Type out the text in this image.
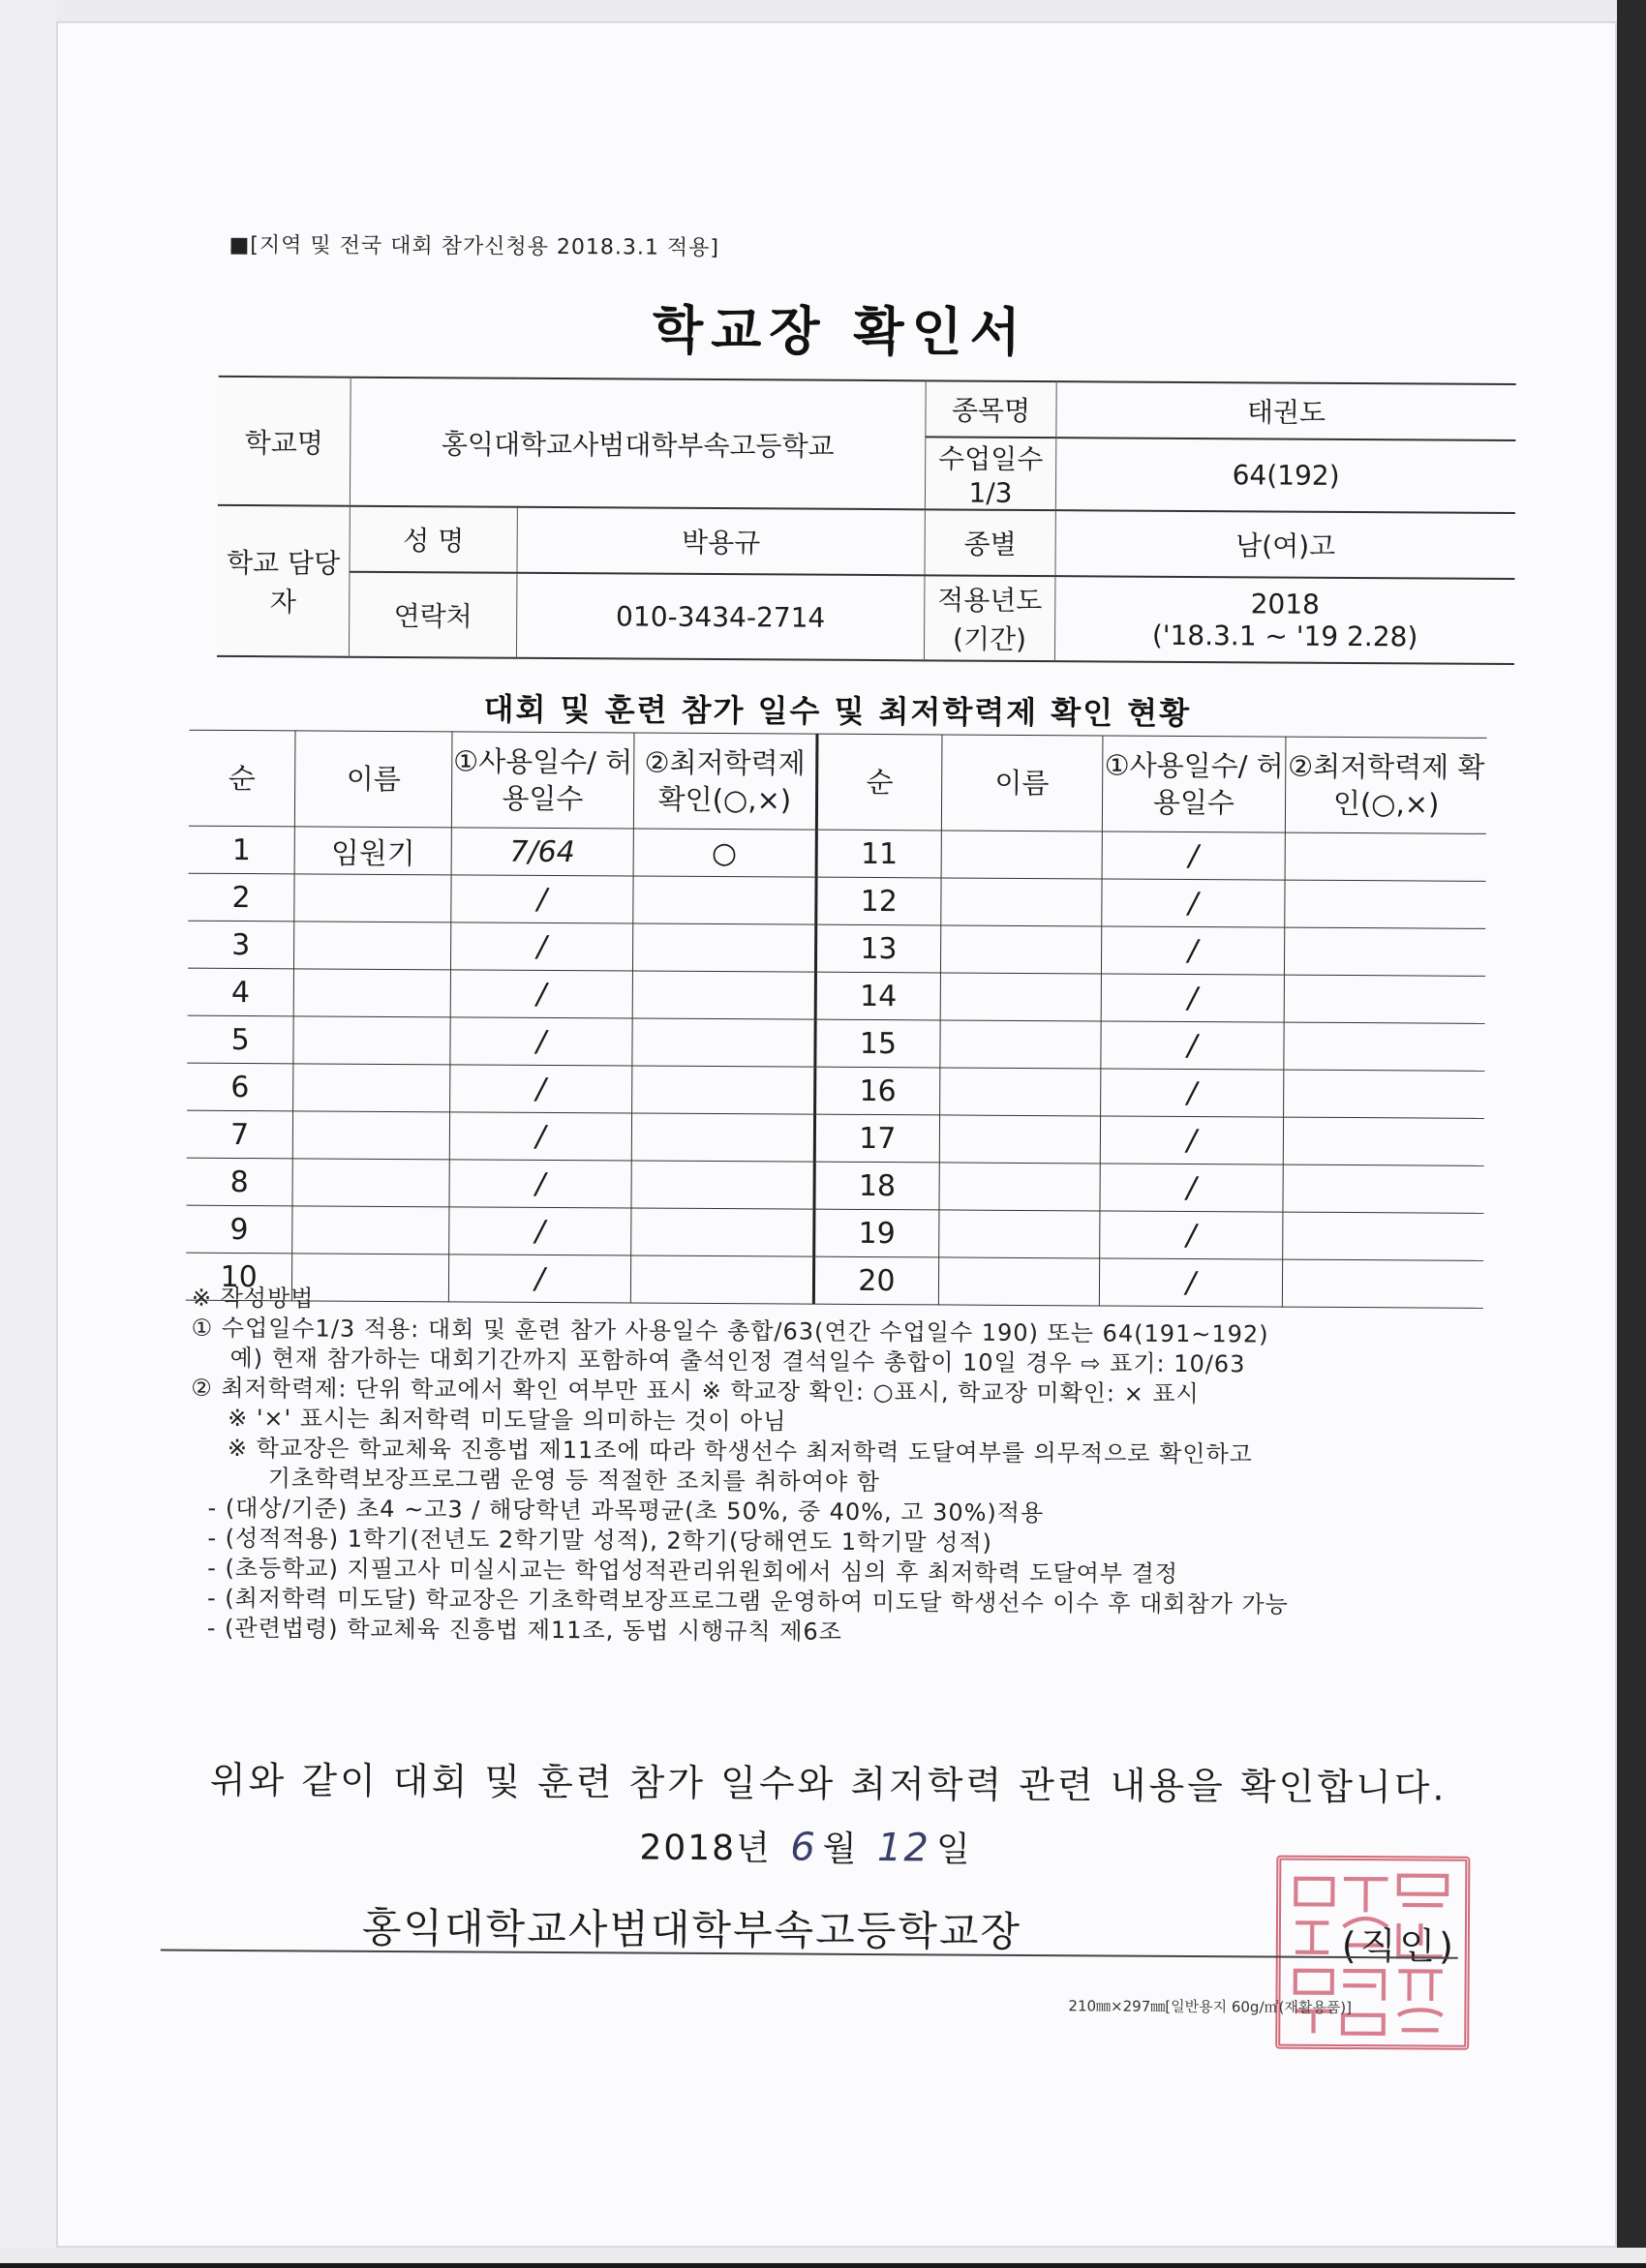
■[지역 및 전국 대회 참가신청용 2018.3.1 적용]
학교장 확인서
학교명	홍익대학교사범대학부속고등학교		종목명	태권도
			수업일수 1/3	64(192)
학교 담당자	성 명	박용규	종별	남(여)고
	연락처	010-3434-2714	적용년도 (기간)	2018
('18.3.1 ~ '19 2.28)
대회 및 훈련 참가 일수 및 최저학력제 확인 현황
순	이름	①사용일수/ 허용일수	②최저학력제 확인(○,×)	순	이름	①사용일수/ 허용일수	②최저학력제 확인(○,×)
1	임원기	7/64	○	11		/	
2		/		12		/	
3		/		13		/	
4		/		14		/	
5		/		15		/	
6		/		16		/	
7		/		17		/	
8		/		18		/	
9		/		19		/	
10		/		20		/	
※ 작성방법
① 수업일수1/3 적용: 대회 및 훈련 참가 사용일수 총합/63(연간 수업일수 190) 또는 64(191~192)
예) 현재 참가하는 대회기간까지 포함하여 출석인정 결석일수 총합이 10일 경우 ⇨ 표기: 10/63
② 최저학력제: 단위 학교에서 확인 여부만 표시 ※ 학교장 확인: ○표시, 학교장 미확인: × 표시
※ '×' 표시는 최저학력 미도달을 의미하는 것이 아님
※ 학교장은 학교체육 진흥법 제11조에 따라 학생선수 최저학력 도달여부를 의무적으로 확인하고
기초학력보장프로그램 운영 등 적절한 조치를 취하여야 함
- (대상/기준) 초4 ~고3 / 해당학년 과목평균(초 50%, 중 40%, 고 30%)적용
- (성적적용) 1학기(전년도 2학기말 성적), 2학기(당해연도 1학기말 성적)
- (초등학교) 지필고사 미실시교는 학업성적관리위원회에서 심의 후 최저학력 도달여부 결정
- (최저학력 미도달) 학교장은 기초학력보장프로그램 운영하여 미도달 학생선수 이수 후 대회참가 가능
- (관련법령) 학교체육 진흥법 제11조, 동법 시행규칙 제6조
위와 같이 대회 및 훈련 참가 일수와 최저학력 관련 내용을 확인합니다.
2018년 6 월 12 일
홍익대학교사범대학부속고등학교장	(직인)
210㎜×297㎜[일반용지 60g/㎡(재활용품)]
